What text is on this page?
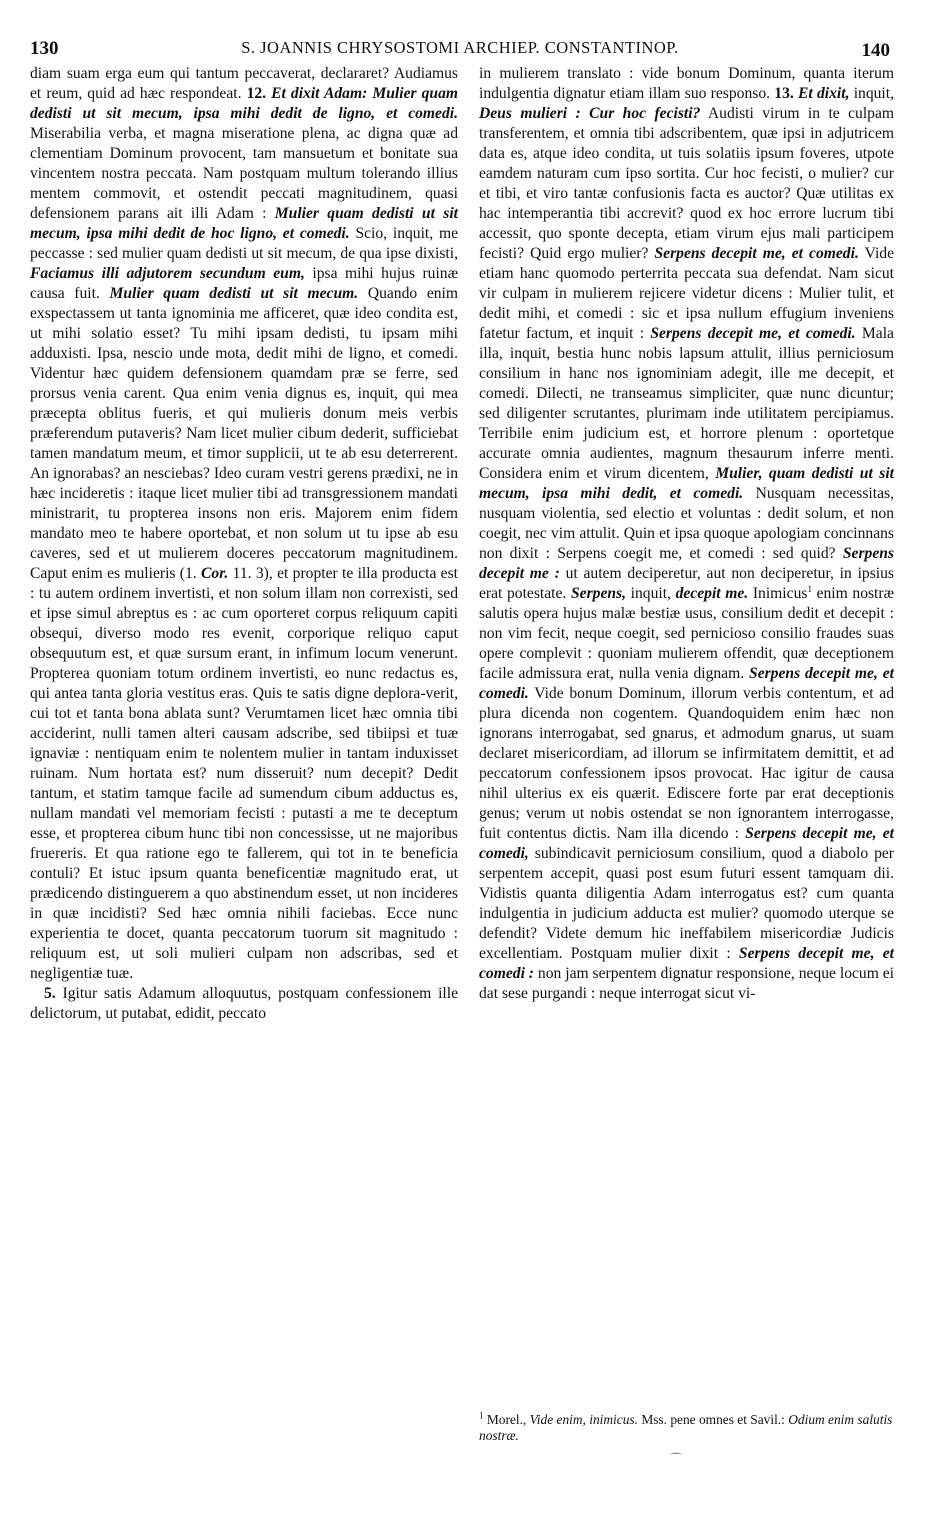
130	S. JOANNIS CHRYSOSTOMI ARCHIEP. CONSTANTINOP.	140

diam suam erga eum qui tantum peccaverat, declararet? Audiamus et reum, quid ad hæc respondeat. 12. Et dixit Adam: Mulier quam dedisti ut sit mecum, ipsa mihi dedit de ligno, et comedi. Miserabilia verba, et magna miseratione plena, ac digna quæ ad clementiam Dominum provocent, tam mansuetum et bonitate sua vincentem nostra peccata. Nam postquam multum tolerando illius mentem commovit, et ostendit peccati magnitudinem, quasi defensionem parans ait illi Adam : Mulier quam dedisti ut sit mecum, ipsa mihi dedit de hoc ligno, et comedi. Scio, inquit, me peccasse : sed mulier quam dedisti ut sit mecum, de qua ipse dixisti, Faciamus illi adjutorem secundum eum, ipsa mihi hujus ruinæ causa fuit. Mulier quam dedisti ut sit mecum. Quando enim exspectassem ut tanta ignominia me afficeret, quæ ideo condita est, ut mihi solatio esset? Tu mihi ipsam dedisti, tu ipsam mihi adduxisti. Ipsa, nescio unde mota, dedit mihi de ligno, et comedi. Videntur hæc quidem defensionem quamdam præ se ferre, sed prorsus venia carent. Qua enim venia dignus es, inquit, qui mea præcepta oblitus fueris, et qui mulieris donum meis verbis præferendum putaveris? Nam licet mulier cibum dederit, sufficiebat tamen mandatum meum, et timor supplicii, ut te ab esu deterrerent. An ignorabas? an nesciebas? Ideo curam vestri gerens prædixi, ne in hæc incideretis : itaque licet mulier tibi ad transgressionem mandati ministrarit, tu propterea insons non eris. Majorem enim fidem mandato meo te habere oportebat, et non solum ut tu ipse ab esu caveres, sed et ut mulierem doceres peccatorum magnitudinem. Caput enim es mulieris (1. Cor. 11. 3), et propter te illa producta est : tu autem ordinem invertisti, et non solum illam non correxisti, sed et ipse simul abreptus es : ac cum oporteret corpus reliquum capiti obsequi, diverso modo res evenit, corporique reliquo caput obsequutum est, et quæ sursum erant, in infimum locum venerunt. Propterea quoniam totum ordinem invertisti, eo nunc redactus es, qui antea tanta gloria vestitus eras. Quis te satis digne deplora-verit, cui tot et tanta bona ablata sunt? Verumtamen licet hæc omnia tibi acciderint, nulli tamen alteri causam adscribe, sed tibiipsi et tuæ ignaviæ : nentiquam enim te nolentem mulier in tantam induxisset ruinam. Num hortata est? num disseruit? num decepit? Dedit tantum, et statim tamque facile ad sumendum cibum adductus es, nullam mandati vel memoriam fecisti : putasti a me te deceptum esse, et propterea cibum hunc tibi non concessisse, ut ne majoribus fruereris. Et qua ratione ego te fallerem, qui tot in te beneficia contuli? Et istuc ipsum quanta beneficentiæ magnitudo erat, ut prædicendo distinguerem a quo abstinendum esset, ut non incideres in quæ incidisti? Sed hæc omnia nihili faciebas. Ecce nunc experientia te docet, quanta peccatorum tuorum sit magnitudo : reliquum est, ut soli mulieri culpam non adscribas, sed et negligentiæ tuæ.

5. Igitur satis Adamum alloquutus, postquam confessionem ille delictorum, ut putabat, edidit, peccato

in mulierem translato : vide bonum Dominum, quanta iterum indulgentia dignatur etiam illam suo responso. 13. Et dixit, inquit, Deus mulieri : Cur hoc fecisti? Audisti virum in te culpam transferentem, et omnia tibi adscribentem, quæ ipsi in adjutricem data es, atque ideo condita, ut tuis solatiis ipsum foveres, utpote eamdem naturam cum ipso sortita. Cur hoc fecisti, o mulier? cur et tibi, et viro tantæ confusionis facta es auctor? Quæ utilitas ex hac intemperantia tibi accrevit? quod ex hoc errore lucrum tibi accessit, quo sponte decepta, etiam virum ejus mali participem fecisti? Quid ergo mulier? Serpens decepit me, et comedi. Vide etiam hanc quomodo perterrita peccata sua defendat. Nam sicut vir culpam in mulierem rejicere videtur dicens : Mulier tulit, et dedit mihi, et comedi : sic et ipsa nullum effugium inveniens fatetur factum, et inquit : Serpens decepit me, et comedi. Mala illa, inquit, bestia hunc nobis lapsum attulit, illius perniciosum consilium in hanc nos ignominiam adegit, ille me decepit, et comedi. Dilecti, ne transeamus simpliciter, quæ nunc dicuntur; sed diligenter scrutantes, plurimam inde utilitatem percipiamus. Terribile enim judicium est, et horrore plenum : oportetque accurate omnia audientes, magnum thesaurum inferre menti. Considera enim et virum dicentem, Mulier, quam dedisti ut sit mecum, ipsa mihi dedit, et comedi. Nusquam necessitas, nusquam violentia, sed electio et voluntas : dedit solum, et non coegit, nec vim attulit. Quin et ipsa quoque apologiam concinnans non dixit : Serpens coegit me, et comedi : sed quid? Serpens decepit me : ut autem deciperetur, aut non deciperetur, in ipsius erat potestate. Serpens, inquit, decepit me. Inimicus$^1$ enim nostræ salutis opera hujus malæ bestiæ usus, consilium dedit et decepit : non vim fecit, neque coegit, sed pernicioso consilio fraudes suas opere complevit : quoniam mulierem offendit, quæ deceptionem facile admissura erat, nulla venia dignam. Serpens decepit me, et comedi. Vide bonum Dominum, illorum verbis contentum, et ad plura dicenda non cogentem. Quandoquidem enim hæc non ignorans interrogabat, sed gnarus, et admodum gnarus, ut suam declaret misericordiam, ad illorum se infirmitatem demittit, et ad peccatorum confessionem ipsos provocat. Hac igitur de causa nihil ulterius ex eis quærit. Ediscere forte par erat deceptionis genus; verum ut nobis ostendat se non ignorantem interrogasse, fuit contentus dictis. Nam illa dicendo : Serpens decepit me, et comedi, subindicavit perniciosum consilium, quod a diabolo per serpentem accepit, quasi post esum futuri essent tamquam dii. Vidistis quanta diligentia Adam interrogatus est? cum quanta indulgentia in judicium adducta est mulier? quomodo uterque se defendit? Videte demum hic ineffabilem misericordiæ Judicis excellentiam. Postquam mulier dixit : Serpens decepit me, et comedi : non jam serpentem dignatur responsione, neque locum ei dat sese purgandi : neque interrogat sicut vi-

$^1$ Morel., Vide enim, inimicus. Mss. pene omnes et Savil.: Odium enim salutis nostræ.
⌒
